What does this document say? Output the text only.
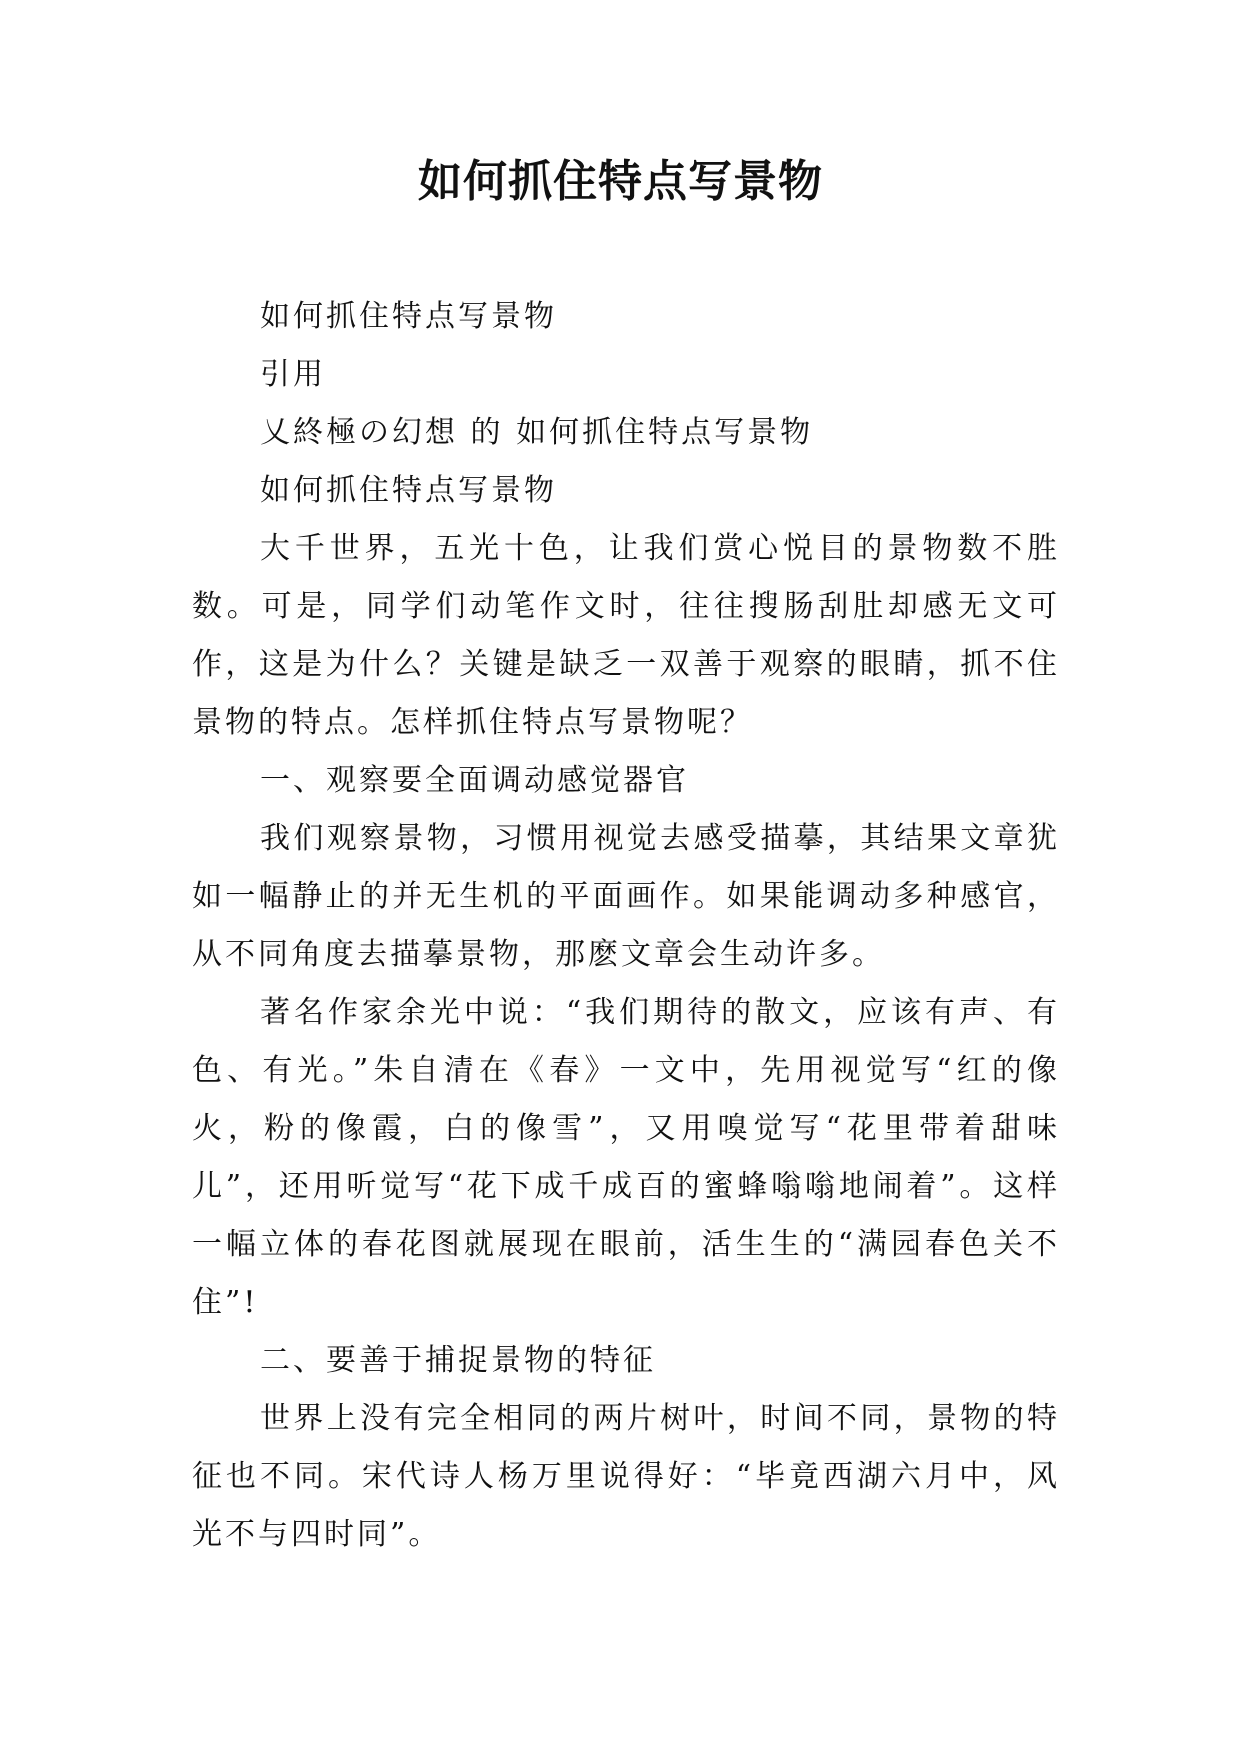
如何抓住特点写景物

如何抓住特点写景物

引用

乂終極の幻想 的 如何抓住特点写景物

如何抓住特点写景物

大千世界，五光十色，让我们赏心悦目的景物数不胜数。可是，同学们动笔作文时，往往搜肠刮肚却感无文可作，这是为什么？关键是缺乏一双善于观察的眼睛，抓不住景物的特点。怎样抓住特点写景物呢？

一、观察要全面调动感觉器官

我们观察景物，习惯用视觉去感受描摹，其结果文章犹如一幅静止的并无生机的平面画作。如果能调动多种感官，从不同角度去描摹景物，那麽文章会生动许多。

著名作家余光中说：“我们期待的散文，应该有声、有色、有光。”朱自清在《春》一文中，先用视觉写“红的像火，粉的像霞，白的像雪”，又用嗅觉写“花里带着甜味儿”，还用听觉写“花下成千成百的蜜蜂嗡嗡地闹着”。这样一幅立体的春花图就展现在眼前，活生生的“满园春色关不住”!

二、要善于捕捉景物的特征

世界上没有完全相同的两片树叶，时间不同，景物的特征也不同。宋代诗人杨万里说得好：“毕竟西湖六月中，风光不与四时同”。
